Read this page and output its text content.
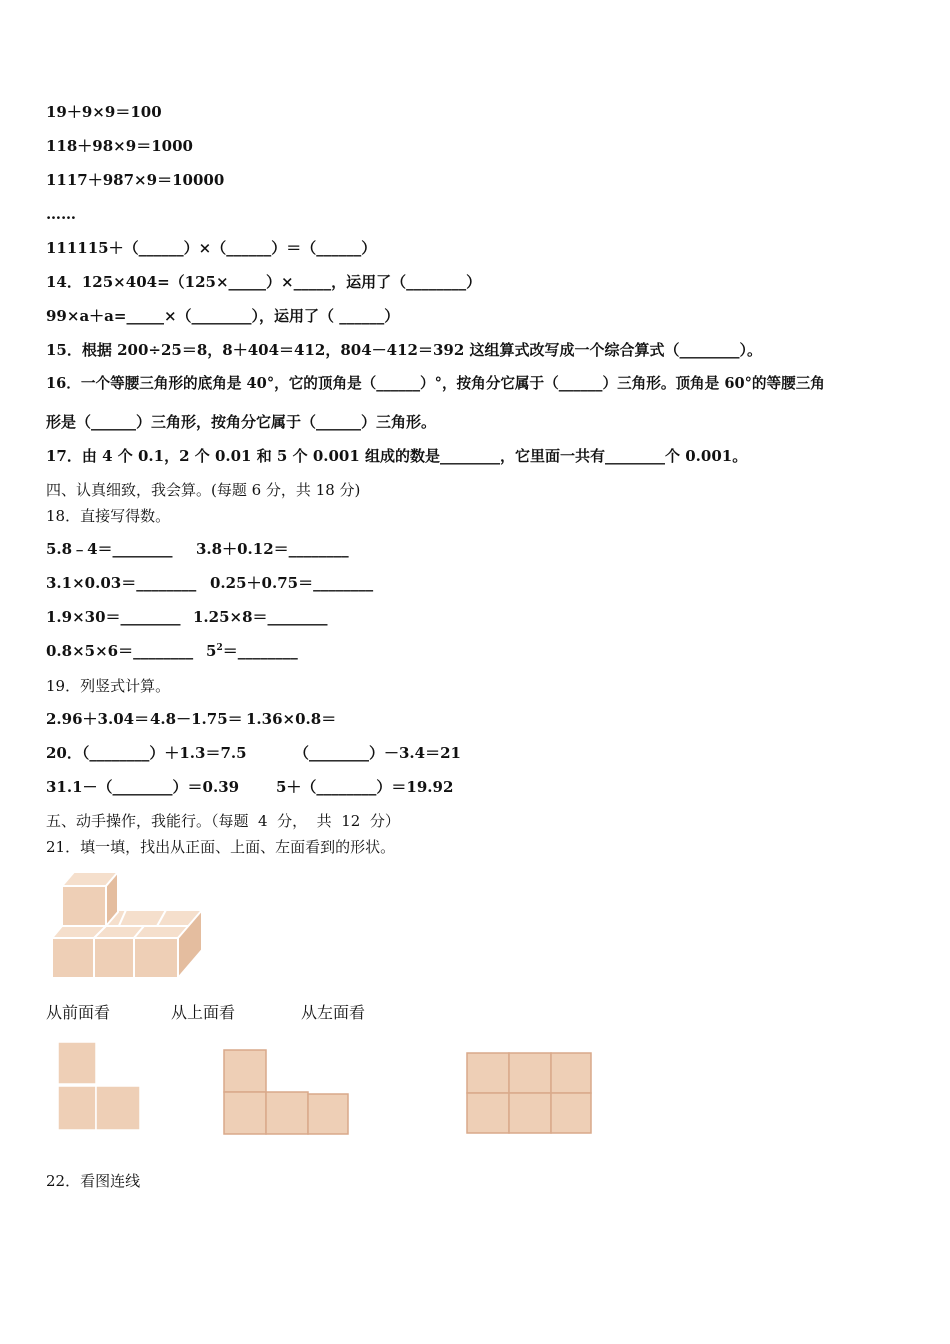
19＋9×9＝100
118＋98×9＝1000
1117＋987×9＝10000
……
111115＋（______）×（______）＝（______）
14．125×404=（125×_____）×_____，运用了（________）
99×a＋a=_____×（________），运用了（ ______）
15．根据 200÷25＝8，8＋404＝412，804－412＝392 这组算式改写成一个综合算式（________）。
16．一个等腰三角形的底角是 40°，它的顶角是（______）°，按角分它属于（______）三角形。顶角是 60°的等腰三角
形是（______）三角形，按角分它属于（______）三角形。
17．由 4 个 0.1，2 个 0.01 和 5 个 0.001 组成的数是________，它里面一共有________个 0.001。
四、认真细致，我会算。(每题 6 分，共 18 分)
18．直接写得数。

5.8﹣4＝________

3.8＋0.12＝________

3.1×0.03＝________

0.25＋0.75＝________

1.9×30＝________

1.25×8＝________

0.8×5×6＝________

$5^2=\_\_\_\_\_\_\_\_$

19．列竖式计算。

2.96＋3.04＝

4.8－1.75＝

1.36×0.8＝

20．（________）＋1.3＝7.5

	（________）－3.4＝21

31.1－（________）＝0.39

5＋（________）＝19.92

五、动手操作，我能行。（每题  4  分，  共  12  分）
21．填一填，找出从正面、上面、左面看到的形状。
从前面看	从上面看	从左面看
22．看图连线
